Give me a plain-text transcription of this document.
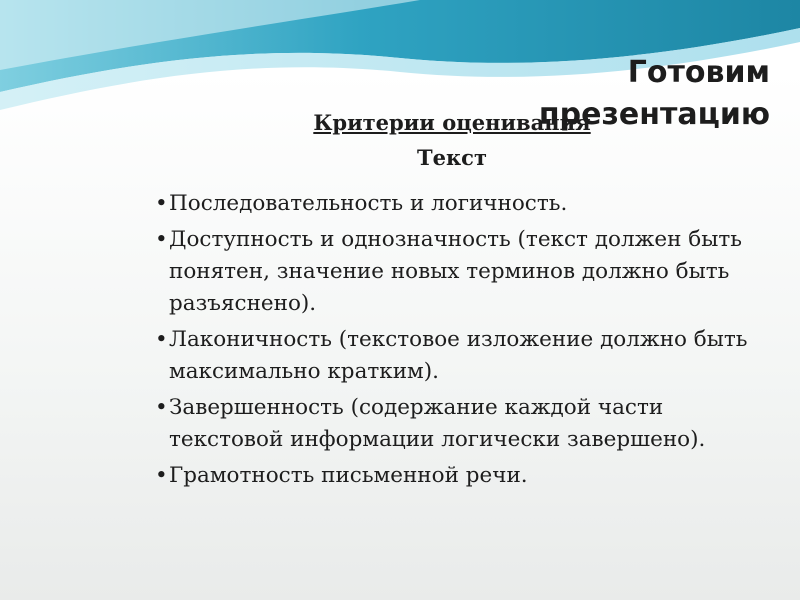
Готовим презентацию
Критерии оценивания
Текст
• Последовательность и логичность.
• Доступность и однозначность (текст должен быть понятен, значение новых терминов должно быть разъяснено).
• Лаконичность (текстовое изложение должно быть максимально кратким).
• Завершенность (содержание каждой части текстовой информации логически завершено).
• Грамотность письменной речи.
